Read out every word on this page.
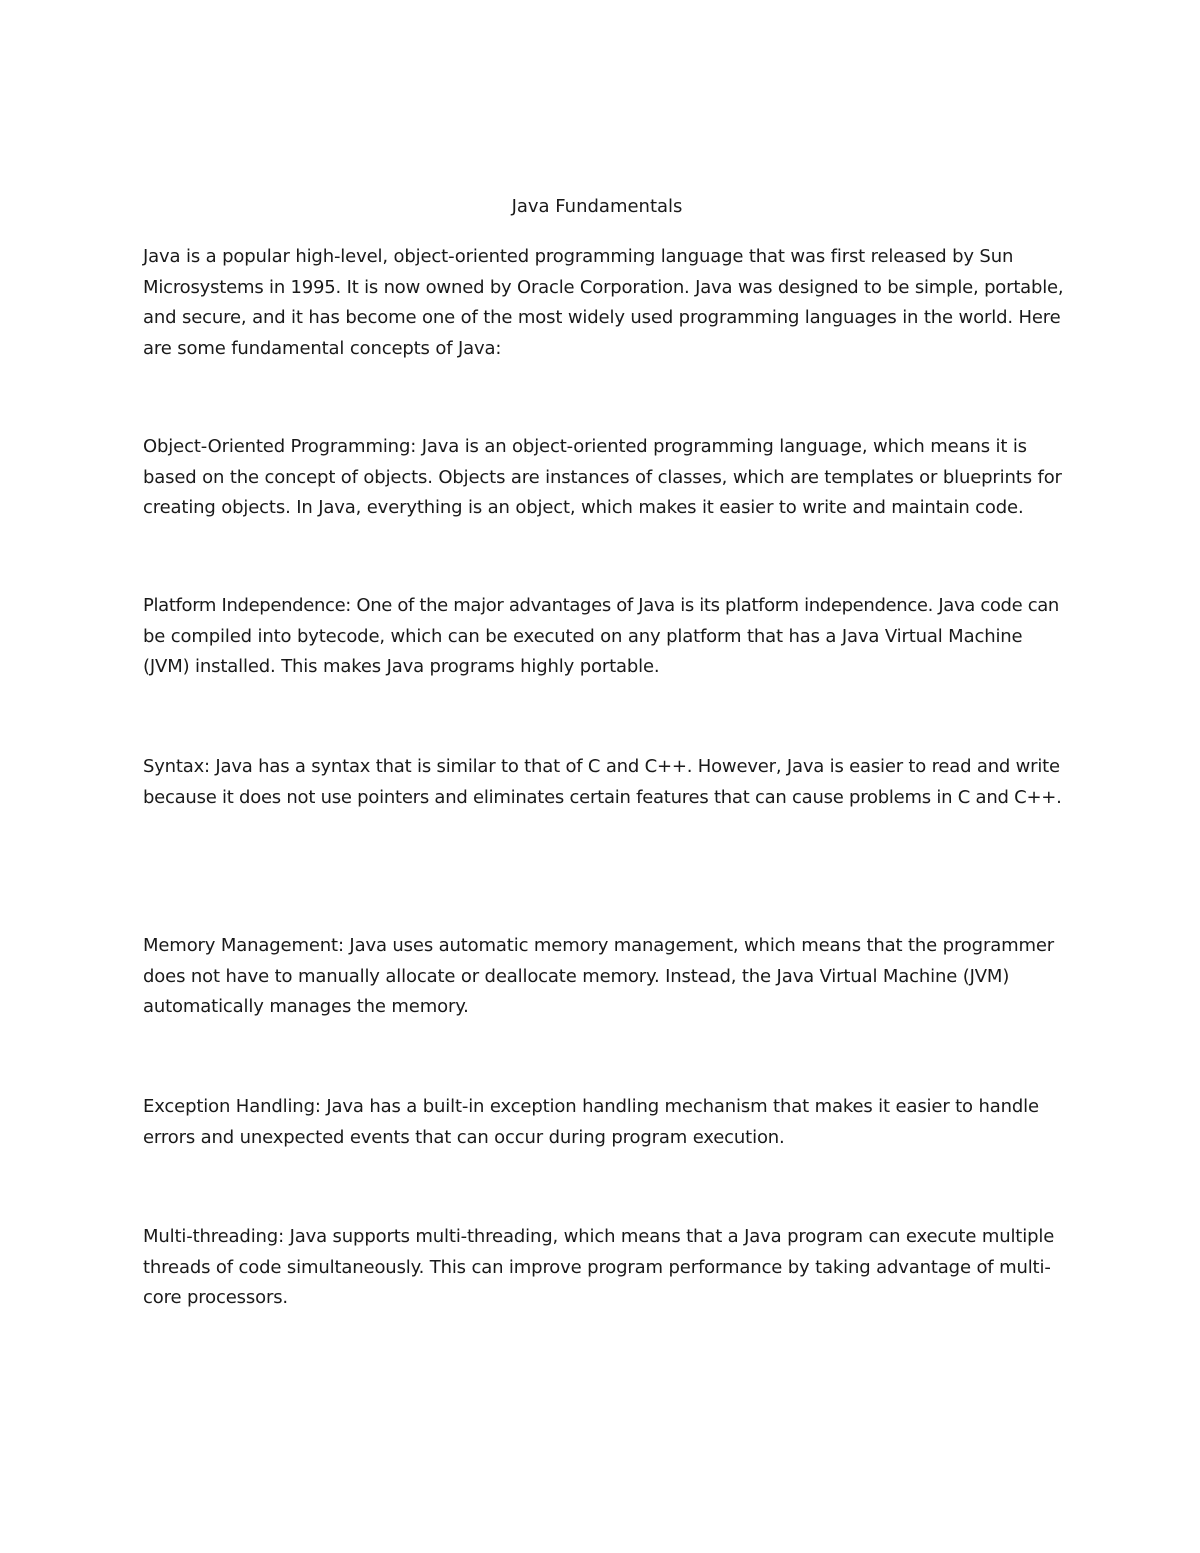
Java Fundamentals
Java is a popular high-level, object-oriented programming language that was first released by Sun
Microsystems in 1995. It is now owned by Oracle Corporation. Java was designed to be simple, portable,
and secure, and it has become one of the most widely used programming languages in the world. Here
are some fundamental concepts of Java:
Object-Oriented Programming: Java is an object-oriented programming language, which means it is
based on the concept of objects. Objects are instances of classes, which are templates or blueprints for
creating objects. In Java, everything is an object, which makes it easier to write and maintain code.
Platform Independence: One of the major advantages of Java is its platform independence. Java code can
be compiled into bytecode, which can be executed on any platform that has a Java Virtual Machine
(JVM) installed. This makes Java programs highly portable.
Syntax: Java has a syntax that is similar to that of C and C++. However, Java is easier to read and write
because it does not use pointers and eliminates certain features that can cause problems in C and C++.
Memory Management: Java uses automatic memory management, which means that the programmer
does not have to manually allocate or deallocate memory. Instead, the Java Virtual Machine (JVM)
automatically manages the memory.
Exception Handling: Java has a built-in exception handling mechanism that makes it easier to handle
errors and unexpected events that can occur during program execution.
Multi-threading: Java supports multi-threading, which means that a Java program can execute multiple
threads of code simultaneously. This can improve program performance by taking advantage of multi-
core processors.
